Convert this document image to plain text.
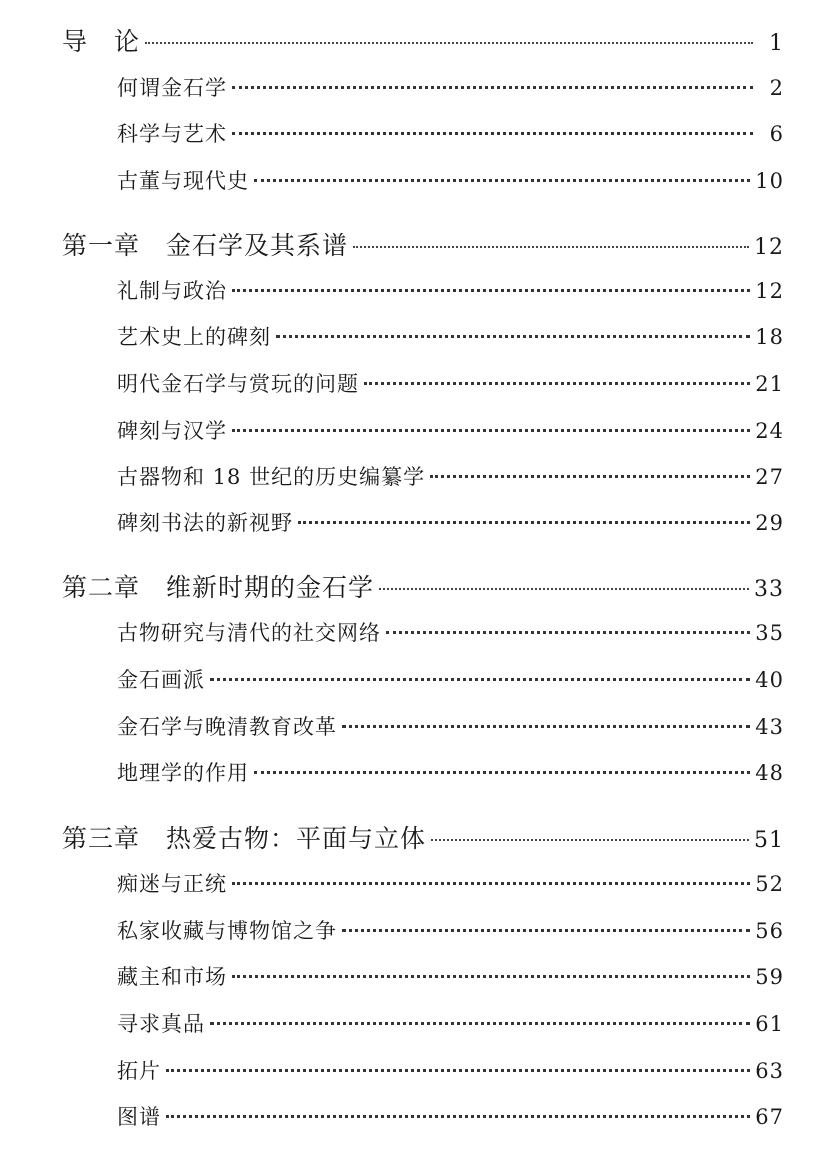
导　论	1
何谓金石学	2
科学与艺术	6
古董与现代史	10
第一章　金石学及其系谱	12
礼制与政治	12
艺术史上的碑刻	18
明代金石学与赏玩的问题	21
碑刻与汉学	24
古器物和 18 世纪的历史编纂学	27
碑刻书法的新视野	29
第二章　维新时期的金石学	33
古物研究与清代的社交网络	35
金石画派	40
金石学与晚清教育改革	43
地理学的作用	48
第三章　热爱古物：平面与立体	51
痴迷与正统	52
私家收藏与博物馆之争	56
藏主和市场	59
寻求真品	61
拓片	63
图谱	67
